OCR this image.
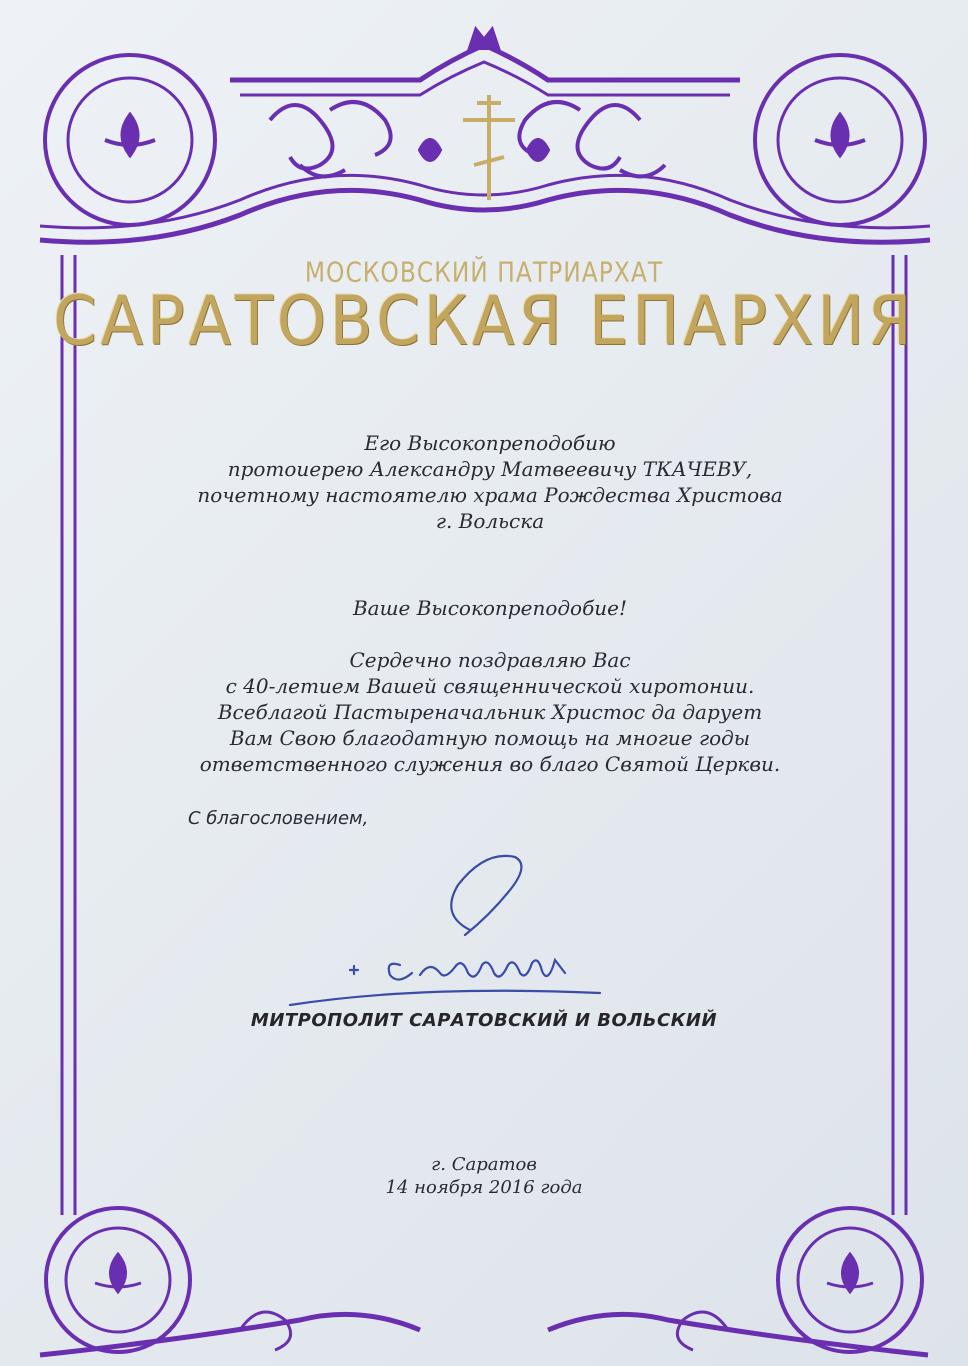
МОСКОВСКИЙ ПАТРИАРХАТ
САРАТОВСКАЯ ЕПАРХИЯ
Его Высокопреподобию
протоиерею Александру Матвеевичу ТКАЧЕВУ,
почетному настоятелю храма Рождества Христова
г. Вольска
Ваше Высокопреподобие!
Сердечно поздравляю Вас
с 40-летием Вашей священнической хиротонии.
Всеблагой Пастыреначальник Христос да дарует
Вам Свою благодатную помощь на многие годы
ответственного служения во благо Святой Церкви.
С благословением,
МИТРОПОЛИТ САРАТОВСКИЙ И ВОЛЬСКИЙ
г. Саратов
14 ноября 2016 года
